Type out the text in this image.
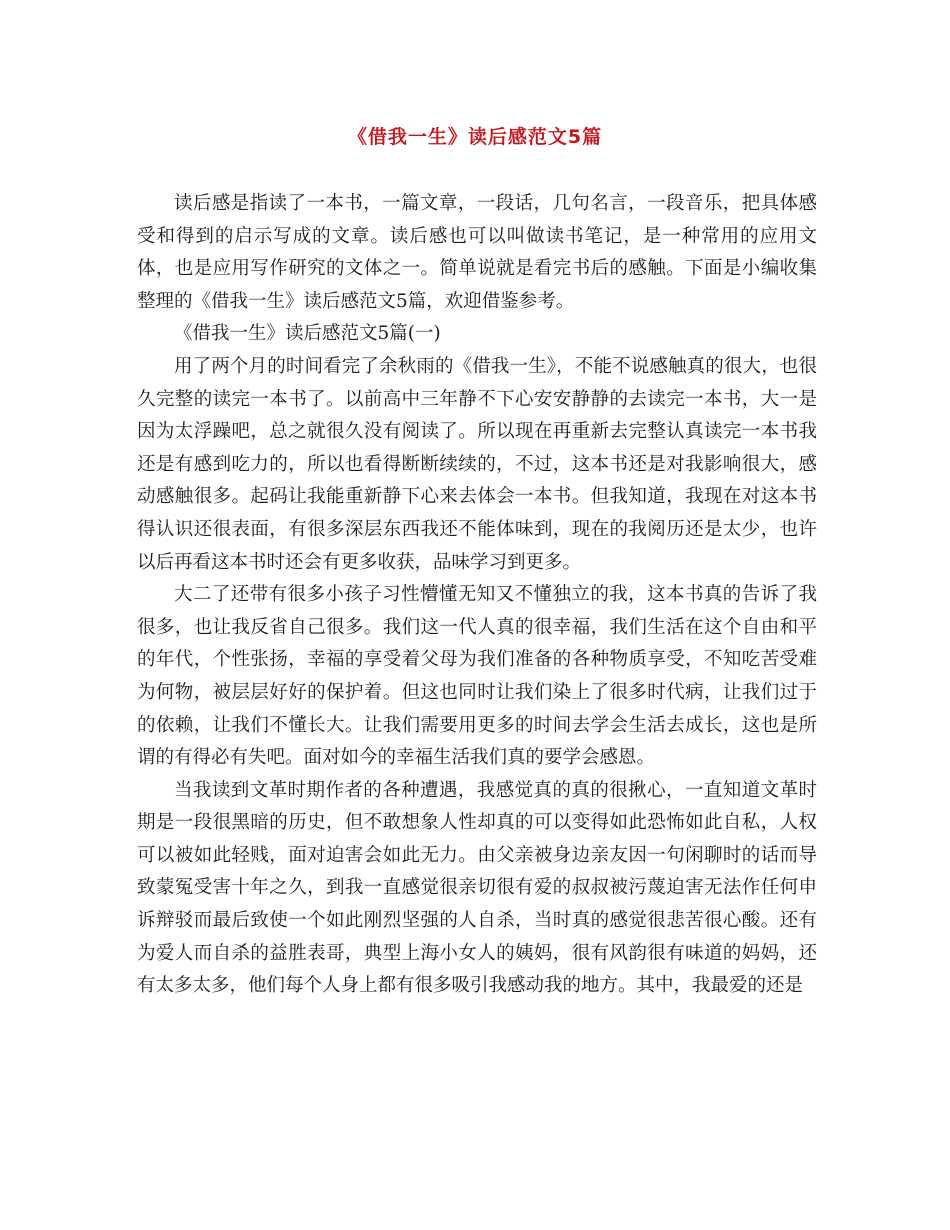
《借我一生》读后感范文5篇

读后感是指读了一本书，一篇文章，一段话，几句名言，一段音乐，把具体感受和得到的启示写成的文章。读后感也可以叫做读书笔记，是一种常用的应用文体，也是应用写作研究的文体之一。简单说就是看完书后的感触。下面是小编收集整理的《借我一生》读后感范文5篇，欢迎借鉴参考。

《借我一生》读后感范文5篇(一)

用了两个月的时间看完了余秋雨的《借我一生》，不能不说感触真的很大，也很久完整的读完一本书了。以前高中三年静不下心安安静静的去读完一本书，大一是因为太浮躁吧，总之就很久没有阅读了。所以现在再重新去完整认真读完一本书我还是有感到吃力的，所以也看得断断续续的，不过，这本书还是对我影响很大，感动感触很多。起码让我能重新静下心来去体会一本书。但我知道，我现在对这本书得认识还很表面，有很多深层东西我还不能体味到，现在的我阅历还是太少，也许以后再看这本书时还会有更多收获，品味学习到更多。

大二了还带有很多小孩子习性懵懂无知又不懂独立的我，这本书真的告诉了我很多，也让我反省自己很多。我们这一代人真的很幸福，我们生活在这个自由和平的年代，个性张扬，幸福的享受着父母为我们准备的各种物质享受，不知吃苦受难为何物，被层层好好的保护着。但这也同时让我们染上了很多时代病，让我们过于的依赖，让我们不懂长大。让我们需要用更多的时间去学会生活去成长，这也是所谓的有得必有失吧。面对如今的幸福生活我们真的要学会感恩。

当我读到文革时期作者的各种遭遇，我感觉真的真的很揪心，一直知道文革时期是一段很黑暗的历史，但不敢想象人性却真的可以变得如此恐怖如此自私，人权可以被如此轻贱，面对迫害会如此无力。由父亲被身边亲友因一句闲聊时的话而导致蒙冤受害十年之久，到我一直感觉很亲切很有爱的叔叔被污蔑迫害无法作任何申诉辩驳而最后致使一个如此刚烈坚强的人自杀，当时真的感觉很悲苦很心酸。还有为爱人而自杀的益胜表哥，典型上海小女人的姨妈，很有风韵很有味道的妈妈，还有太多太多，他们每个人身上都有很多吸引我感动我的地方。其中，我最爱的还是
